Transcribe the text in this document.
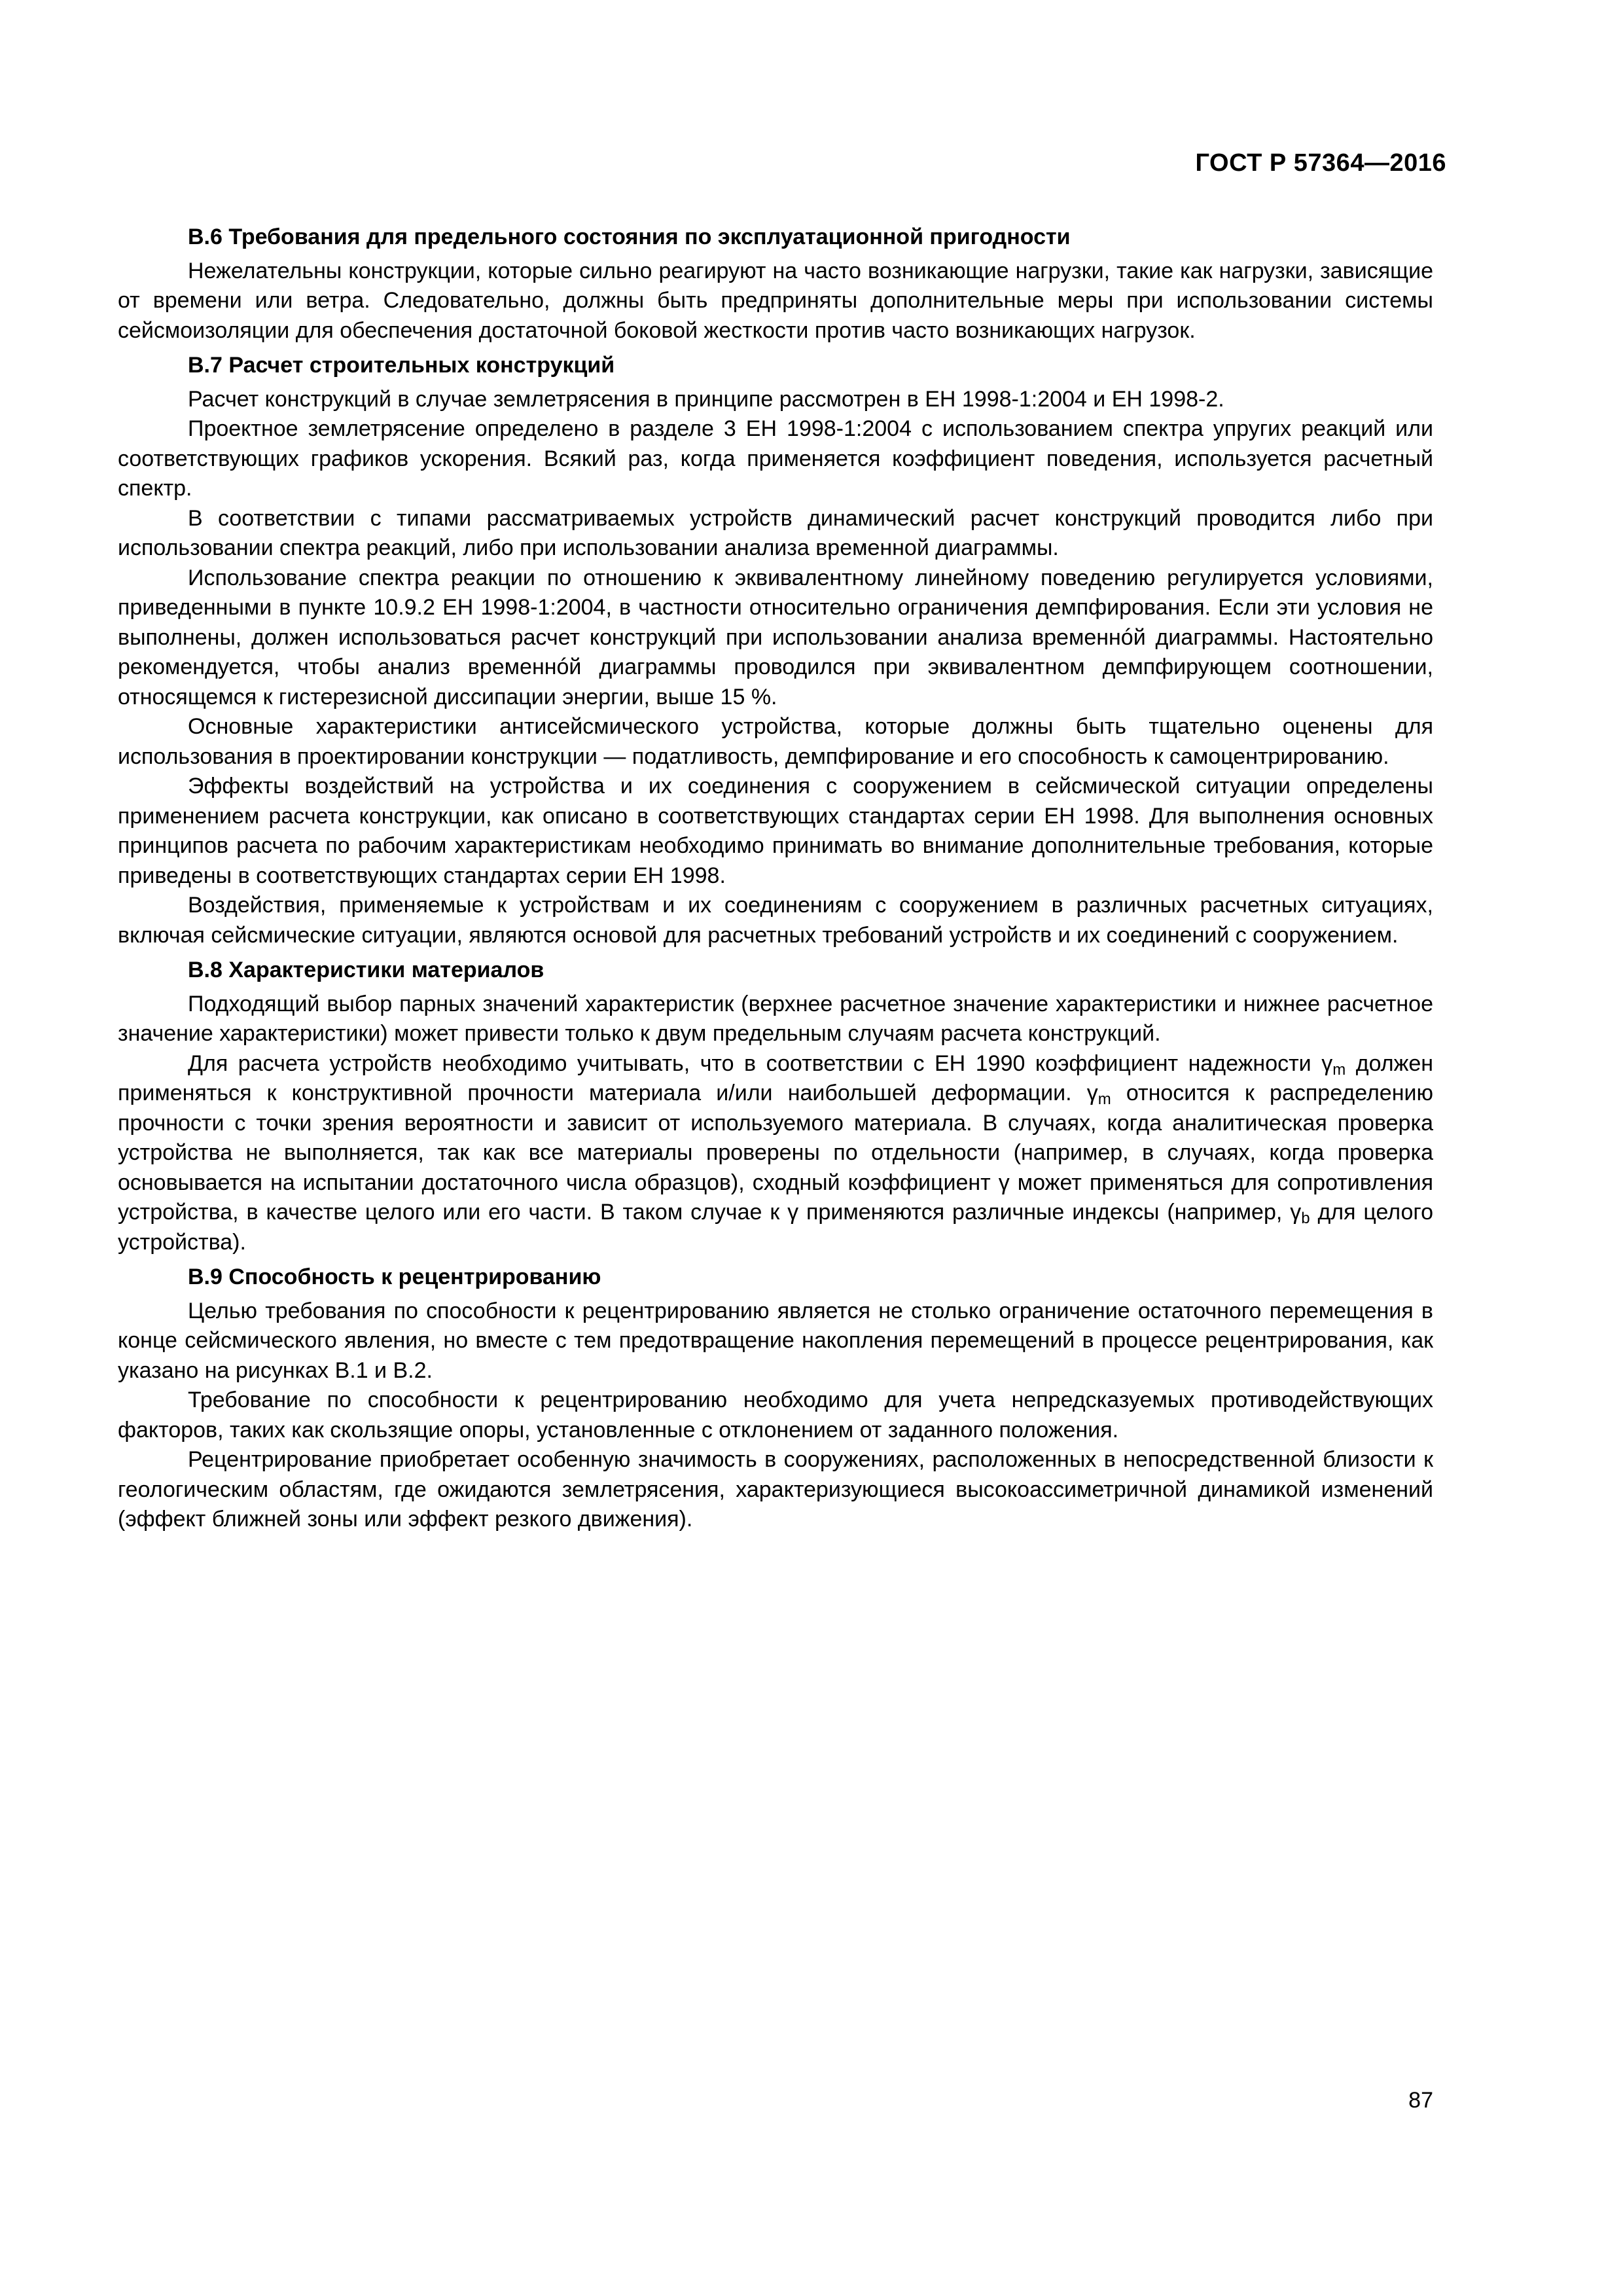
ГОСТ Р 57364—2016

В.6 Требования для предельного состояния по эксплуатационной пригодности

Нежелательны конструкции, которые сильно реагируют на часто возникающие нагрузки, такие как нагрузки, зависящие от времени или ветра. Следовательно, должны быть предприняты дополнительные меры при использовании системы сейсмоизоляции для обеспечения достаточной боковой жесткости против часто возникающих нагрузок.

В.7 Расчет строительных конструкций

Расчет конструкций в случае землетрясения в принципе рассмотрен в ЕН 1998-1:2004 и ЕН 1998-2.

Проектное землетрясение определено в разделе 3 ЕН 1998-1:2004 с использованием спектра упругих реакций или соответствующих графиков ускорения. Всякий раз, когда применяется коэффициент поведения, используется расчетный спектр.

В соответствии с типами рассматриваемых устройств динамический расчет конструкций проводится либо при использовании спектра реакций, либо при использовании анализа временной диаграммы.

Использование спектра реакции по отношению к эквивалентному линейному поведению регулируется условиями, приведенными в пункте 10.9.2 ЕН 1998-1:2004, в частности относительно ограничения демпфирования. Если эти условия не выполнены, должен использоваться расчет конструкций при использовании анализа временнóй диаграммы. Настоятельно рекомендуется, чтобы анализ временнóй диаграммы проводился при эквивалентном демпфирующем соотношении, относящемся к гистерезисной диссипации энергии, выше 15 %.

Основные характеристики антисейсмического устройства, которые должны быть тщательно оценены для использования в проектировании конструкции — податливость, демпфирование и его способность к самоцентрированию.

Эффекты воздействий на устройства и их соединения с сооружением в сейсмической ситуации определены применением расчета конструкции, как описано в соответствующих стандартах серии ЕН 1998. Для выполнения основных принципов расчета по рабочим характеристикам необходимо принимать во внимание дополнительные требования, которые приведены в соответствующих стандартах серии ЕН 1998.

Воздействия, применяемые к устройствам и их соединениям с сооружением в различных расчетных ситуациях, включая сейсмические ситуации, являются основой для расчетных требований устройств и их соединений с сооружением.

В.8 Характеристики материалов

Подходящий выбор парных значений характеристик (верхнее расчетное значение характеристики и нижнее расчетное значение характеристики) может привести только к двум предельным случаям расчета конструкций.

Для расчета устройств необходимо учитывать, что в соответствии с ЕН 1990 коэффициент надежности $\gamma_m$ должен применяться к конструктивной прочности материала и/или наибольшей деформации. $\gamma_m$ относится к распределению прочности с точки зрения вероятности и зависит от используемого материала. В случаях, когда аналитическая проверка устройства не выполняется, так как все материалы проверены по отдельности (например, в случаях, когда проверка основывается на испытании достаточного числа образцов), сходный коэффициент γ может применяться для сопротивления устройства, в качестве целого или его части. В таком случае к γ применяются различные индексы (например, $\gamma_b$ для целого устройства).

В.9 Способность к рецентрированию

Целью требования по способности к рецентрированию является не столько ограничение остаточного перемещения в конце сейсмического явления, но вместе с тем предотвращение накопления перемещений в процессе рецентрирования, как указано на рисунках В.1 и В.2.

Требование по способности к рецентрированию необходимо для учета непредсказуемых противодействующих факторов, таких как скользящие опоры, установленные с отклонением от заданного положения.

Рецентрирование приобретает особенную значимость в сооружениях, расположенных в непосредственной близости к геологическим областям, где ожидаются землетрясения, характеризующиеся высокоассиметричной динамикой изменений (эффект ближней зоны или эффект резкого движения).

87
